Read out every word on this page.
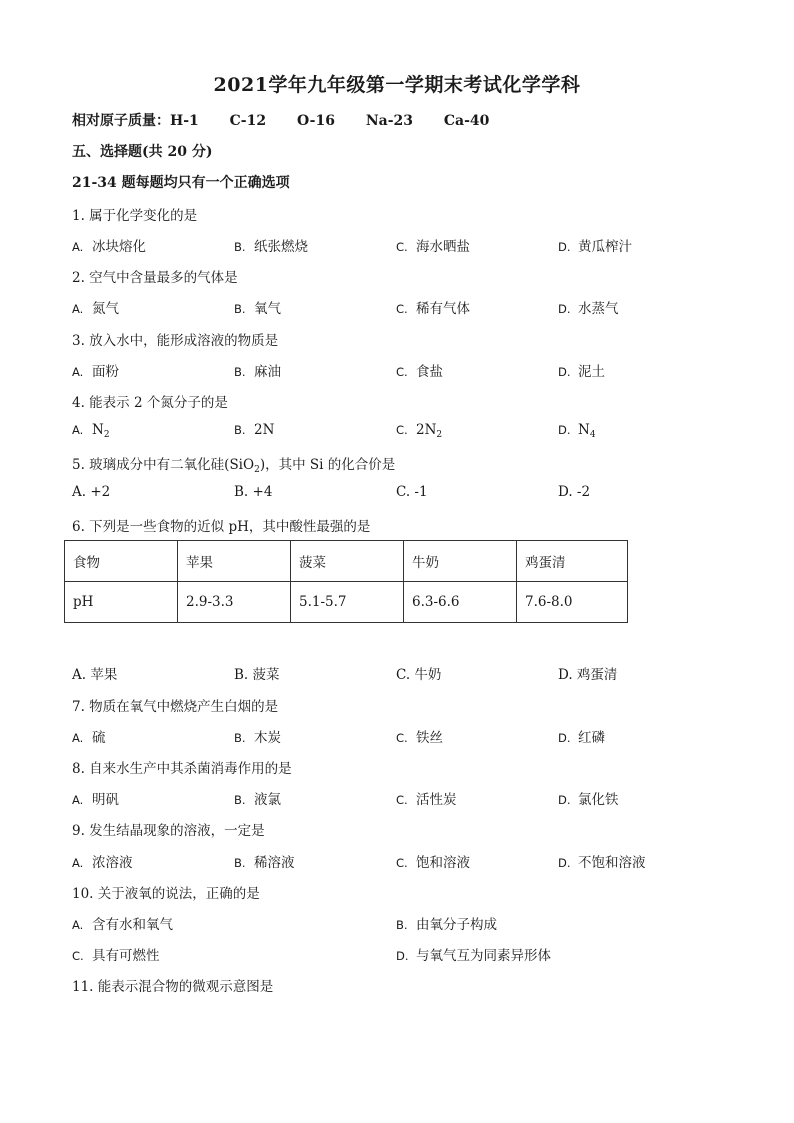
2021学年九年级第一学期末考试化学学科
相对原子质量：H-1 C-12 O-16 Na-23 Ca-40
五、选择题(共 20 分)
21-34 题每题均只有一个正确选项
1. 属于化学变化的是
A. 冰块熔化	B. 纸张燃烧	C. 海水晒盐	D. 黄瓜榨汁
2. 空气中含量最多的气体是
A. 氮气	B. 氧气	C. 稀有气体	D. 水蒸气
3. 放入水中，能形成溶液的物质是
A. 面粉	B. 麻油	C. 食盐	D. 泥土
4. 能表示 2 个氮分子的是
A. $N_2$	B. 2N	C. $2N_2$	D. $N_4$
5. 玻璃成分中有二氧化硅(SiO$_2$)，其中 Si 的化合价是
A. +2	B. +4	C. -1	D. -2
6. 下列是一些食物的近似 pH，其中酸性最强的是
食物	苹果	菠菜	牛奶	鸡蛋清
pH	2.9-3.3	5.1-5.7	6.3-6.6	7.6-8.0
A. 苹果	B. 菠菜	C. 牛奶	D. 鸡蛋清
7. 物质在氧气中燃烧产生白烟的是
A. 硫	B. 木炭	C. 铁丝	D. 红磷
8. 自来水生产中其杀菌消毒作用的是
A. 明矾	B. 液氯	C. 活性炭	D. 氯化铁
9. 发生结晶现象的溶液，一定是
A. 浓溶液	B. 稀溶液	C. 饱和溶液	D. 不饱和溶液
10. 关于液氧的说法，正确的是
A. 含有水和氧气	B. 由氧分子构成
C. 具有可燃性	D. 与氧气互为同素异形体
11. 能表示混合物的微观示意图是
